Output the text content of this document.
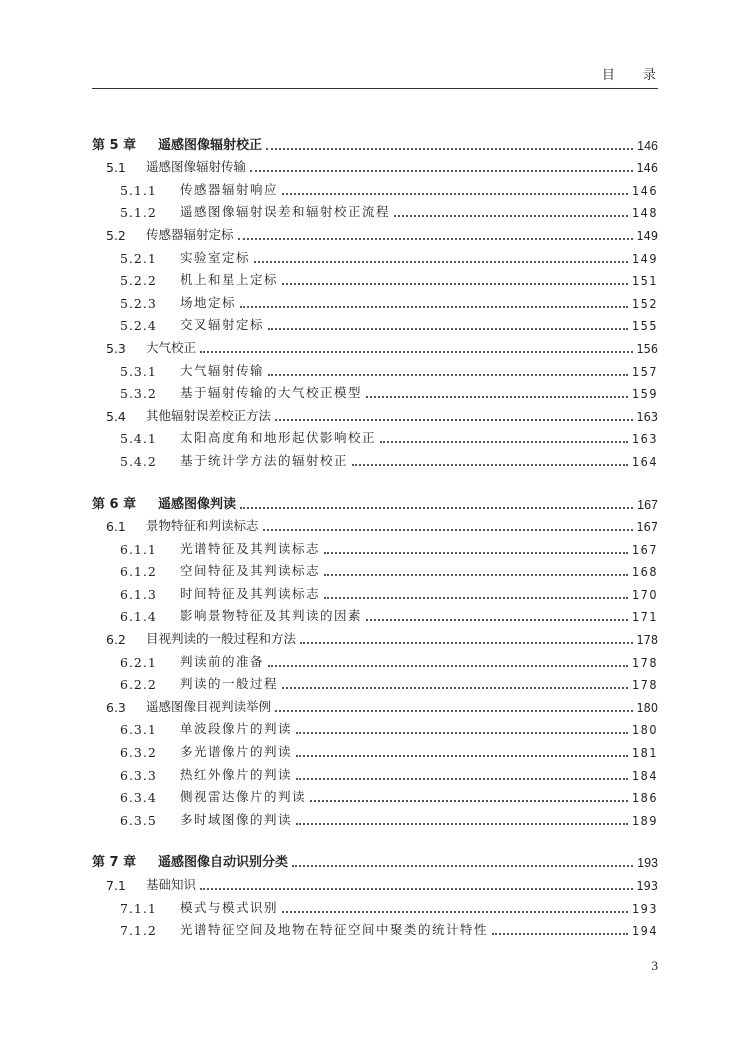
目 录
第 5 章	遥感图像辐射校正	146
5.1	遥感图像辐射传输	146
5.1.1	传感器辐射响应	146
5.1.2	遥感图像辐射误差和辐射校正流程	148
5.2	传感器辐射定标	149
5.2.1	实验室定标	149
5.2.2	机上和星上定标	151
5.2.3	场地定标	152
5.2.4	交叉辐射定标	155
5.3	大气校正	156
5.3.1	大气辐射传输	157
5.3.2	基于辐射传输的大气校正模型	159
5.4	其他辐射误差校正方法	163
5.4.1	太阳高度角和地形起伏影响校正	163
5.4.2	基于统计学方法的辐射校正	164
第 6 章	遥感图像判读	167
6.1	景物特征和判读标志	167
6.1.1	光谱特征及其判读标志	167
6.1.2	空间特征及其判读标志	168
6.1.3	时间特征及其判读标志	170
6.1.4	影响景物特征及其判读的因素	171
6.2	目视判读的一般过程和方法	178
6.2.1	判读前的准备	178
6.2.2	判读的一般过程	178
6.3	遥感图像目视判读举例	180
6.3.1	单波段像片的判读	180
6.3.2	多光谱像片的判读	181
6.3.3	热红外像片的判读	184
6.3.4	侧视雷达像片的判读	186
6.3.5	多时域图像的判读	189
第 7 章	遥感图像自动识别分类	193
7.1	基础知识	193
7.1.1	模式与模式识别	193
7.1.2	光谱特征空间及地物在特征空间中聚类的统计特性	194
3
